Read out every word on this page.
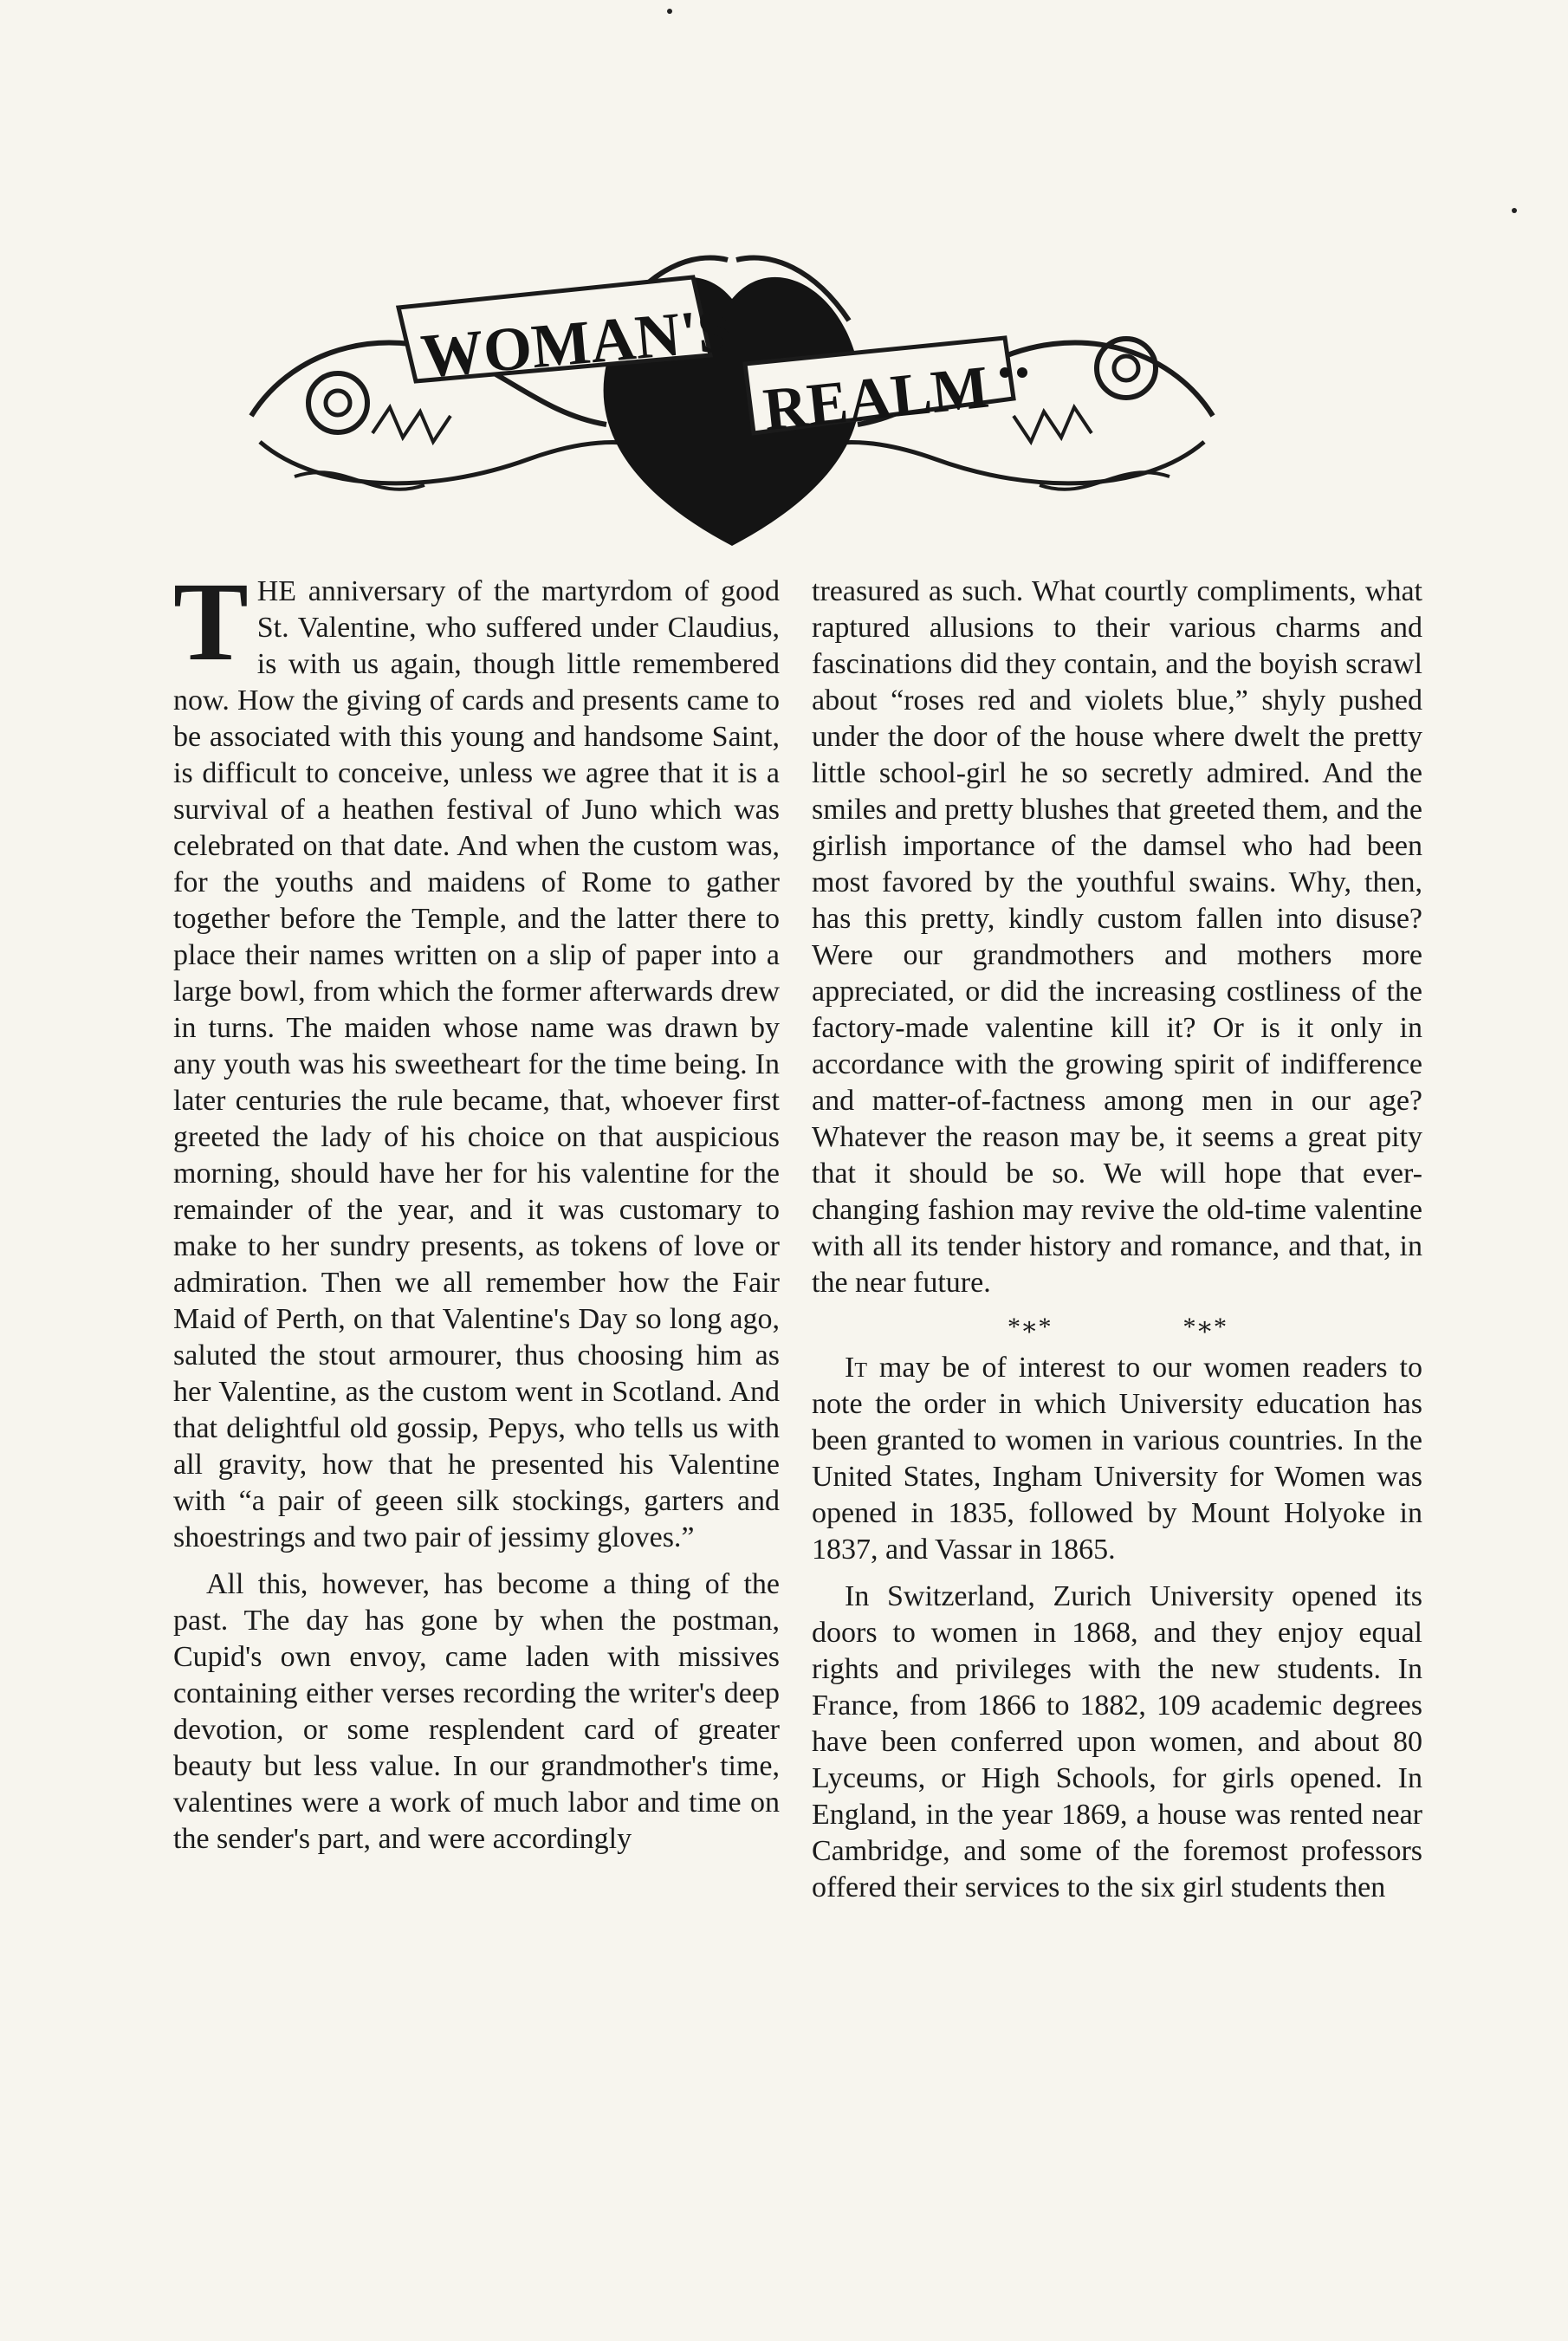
WOMAN'S
REALM

THE anniversary of the martyrdom of good St. Valentine, who suffered under Claudius, is with us again, though little remembered now. How the giving of cards and presents came to be associated with this young and handsome Saint, is difficult to conceive, unless we agree that it is a survival of a heathen festival of Juno which was celebrated on that date. And when the custom was, for the youths and maidens of Rome to gather together before the Temple, and the latter there to place their names written on a slip of paper into a large bowl, from which the former afterwards drew in turns. The maiden whose name was drawn by any youth was his sweetheart for the time being. In later centuries the rule became, that, whoever first greeted the lady of his choice on that auspicious morning, should have her for his valentine for the remainder of the year, and it was customary to make to her sundry presents, as tokens of love or admiration. Then we all remember how the Fair Maid of Perth, on that Valentine's Day so long ago, saluted the stout armourer, thus choosing him as her Valentine, as the custom went in Scotland. And that delightful old gossip, Pepys, who tells us with all gravity, how that he presented his Valentine with “a pair of geeen silk stockings, garters and shoestrings and two pair of jessimy gloves.”

All this, however, has become a thing of the past. The day has gone by when the postman, Cupid's own envoy, came laden with missives containing either verses recording the writer's deep devotion, or some resplendent card of greater beauty but less value. In our grandmother's time, valentines were a work of much labor and time on the sender's part, and were accordingly

treasured as such. What courtly compliments, what raptured allusions to their various charms and fascinations did they contain, and the boyish scrawl about “roses red and violets blue,” shyly pushed under the door of the house where dwelt the pretty little school-girl he so secretly admired. And the smiles and pretty blushes that greeted them, and the girlish importance of the damsel who had been most favored by the youthful swains. Why, then, has this pretty, kindly custom fallen into disuse? Were our grandmothers and mothers more appreciated, or did the increasing costliness of the factory-made valentine kill it? Or is it only in accordance with the growing spirit of indifference and matter-of-factness among men in our age? Whatever the reason may be, it seems a great pity that it should be so. We will hope that ever-changing fashion may revive the old-time valentine with all its tender history and romance, and that, in the near future.

*∗*	*∗*

It may be of interest to our women readers to note the order in which University education has been granted to women in various countries. In the United States, Ingham University for Women was opened in 1835, followed by Mount Holyoke in 1837, and Vassar in 1865.

In Switzerland, Zurich University opened its doors to women in 1868, and they enjoy equal rights and privileges with the new students. In France, from 1866 to 1882, 109 academic degrees have been conferred upon women, and about 80 Lyceums, or High Schools, for girls opened. In England, in the year 1869, a house was rented near Cambridge, and some of the foremost professors offered their services to the six girl students then
